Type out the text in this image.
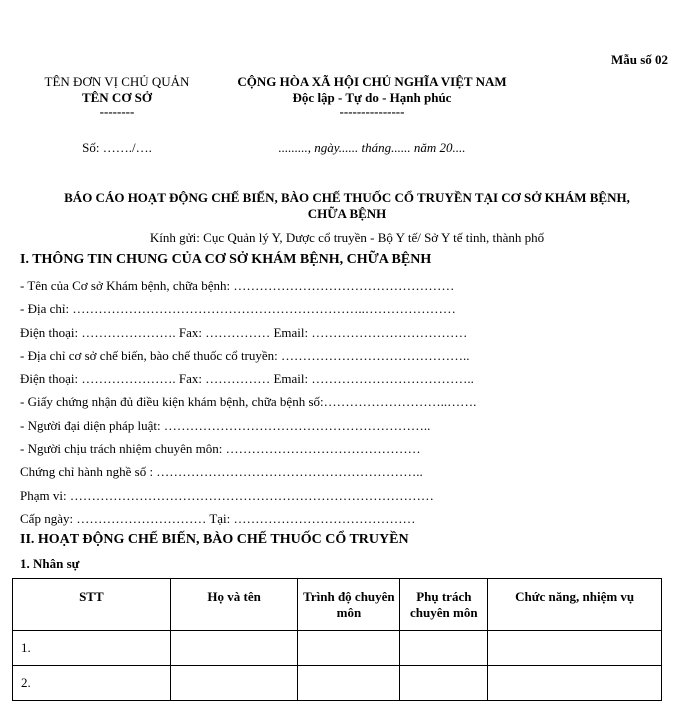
Mẫu số 02
TÊN ĐƠN VỊ CHỦ QUẢN
TÊN CƠ SỞ
--------
Số: ……./….
CỘNG HÒA XÃ HỘI CHỦ NGHĨA VIỆT NAM
Độc lập - Tự do - Hạnh phúc
---------------
........., ngày...... tháng...... năm 20....
BÁO CÁO HOẠT ĐỘNG CHẾ BIẾN, BÀO CHẾ THUỐC CỔ TRUYỀN TẠI CƠ SỞ KHÁM BỆNH,
CHỮA BỆNH
Kính gửi: Cục Quản lý Y, Dược cổ truyền - Bộ Y tế/ Sở Y tế tỉnh, thành phố
I. THÔNG TIN CHUNG CỦA CƠ SỞ KHÁM BỆNH, CHỮA BỆNH
- Tên của Cơ sở Khám bệnh, chữa bệnh: ……………………………………………
- Địa chỉ: …………………………………………………………..…………………
Điện thoại: …………………. Fax: …………… Email: ………………………………
- Địa chỉ cơ sở chế biến, bào chế thuốc cổ truyền: ……………………………………..
Điện thoại: …………………. Fax: …………… Email: ………………………………..
- Giấy chứng nhận đủ điều kiện khám bệnh, chữa bệnh số:………………………..…….
- Người đại diện pháp luật: ……………………………………………………..
- Người chịu trách nhiệm chuyên môn: ………………………………………
Chứng chỉ hành nghề số : ……………………………………………………..
Phạm vi: …………………………………………………………………………
Cấp ngày: ………………………… Tại: ……………………………………
II. HOẠT ĐỘNG CHẾ BIẾN, BÀO CHẾ THUỐC CỔ TRUYỀN
1. Nhân sự
STT	Họ và tên	Trình độ chuyên môn	Phụ trách chuyên môn	Chức năng, nhiệm vụ
1.				
2.				
